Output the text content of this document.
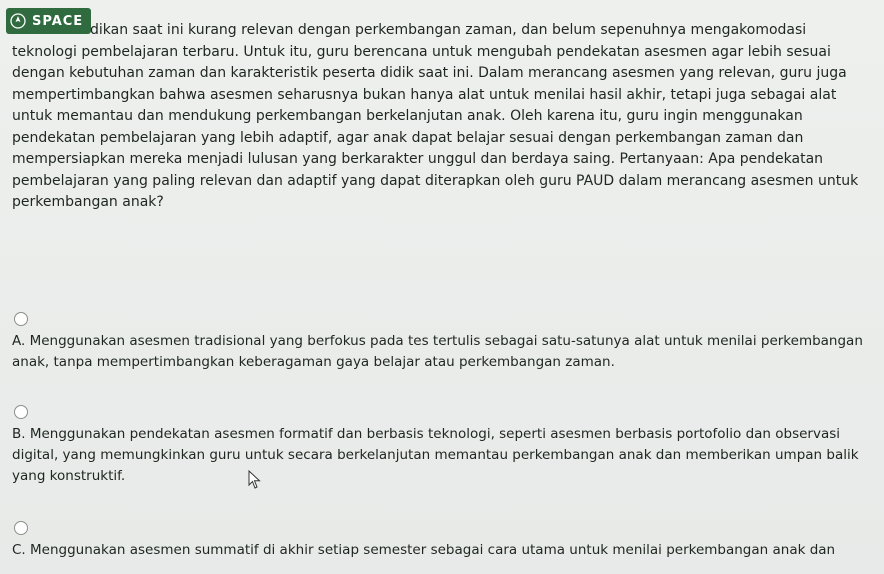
SPACE

dikan saat ini kurang relevan dengan perkembangan zaman, dan belum sepenuhnya mengakomodasi teknologi pembelajaran terbaru. Untuk itu, guru berencana untuk mengubah pendekatan asesmen agar lebih sesuai dengan kebutuhan zaman dan karakteristik peserta didik saat ini. Dalam merancang asesmen yang relevan, guru juga mempertimbangkan bahwa asesmen seharusnya bukan hanya alat untuk menilai hasil akhir, tetapi juga sebagai alat untuk memantau dan mendukung perkembangan berkelanjutan anak. Oleh karena itu, guru ingin menggunakan pendekatan pembelajaran yang lebih adaptif, agar anak dapat belajar sesuai dengan perkembangan zaman dan mempersiapkan mereka menjadi lulusan yang berkarakter unggul dan berdaya saing. Pertanyaan: Apa pendekatan pembelajaran yang paling relevan dan adaptif yang dapat diterapkan oleh guru PAUD dalam merancang asesmen untuk perkembangan anak?

A. Menggunakan asesmen tradisional yang berfokus pada tes tertulis sebagai satu-satunya alat untuk menilai perkembangan anak, tanpa mempertimbangkan keberagaman gaya belajar atau perkembangan zaman.

B. Menggunakan pendekatan asesmen formatif dan berbasis teknologi, seperti asesmen berbasis portofolio dan observasi digital, yang memungkinkan guru untuk secara berkelanjutan memantau perkembangan anak dan memberikan umpan balik yang konstruktif.

C. Menggunakan asesmen summatif di akhir setiap semester sebagai cara utama untuk menilai perkembangan anak dan
